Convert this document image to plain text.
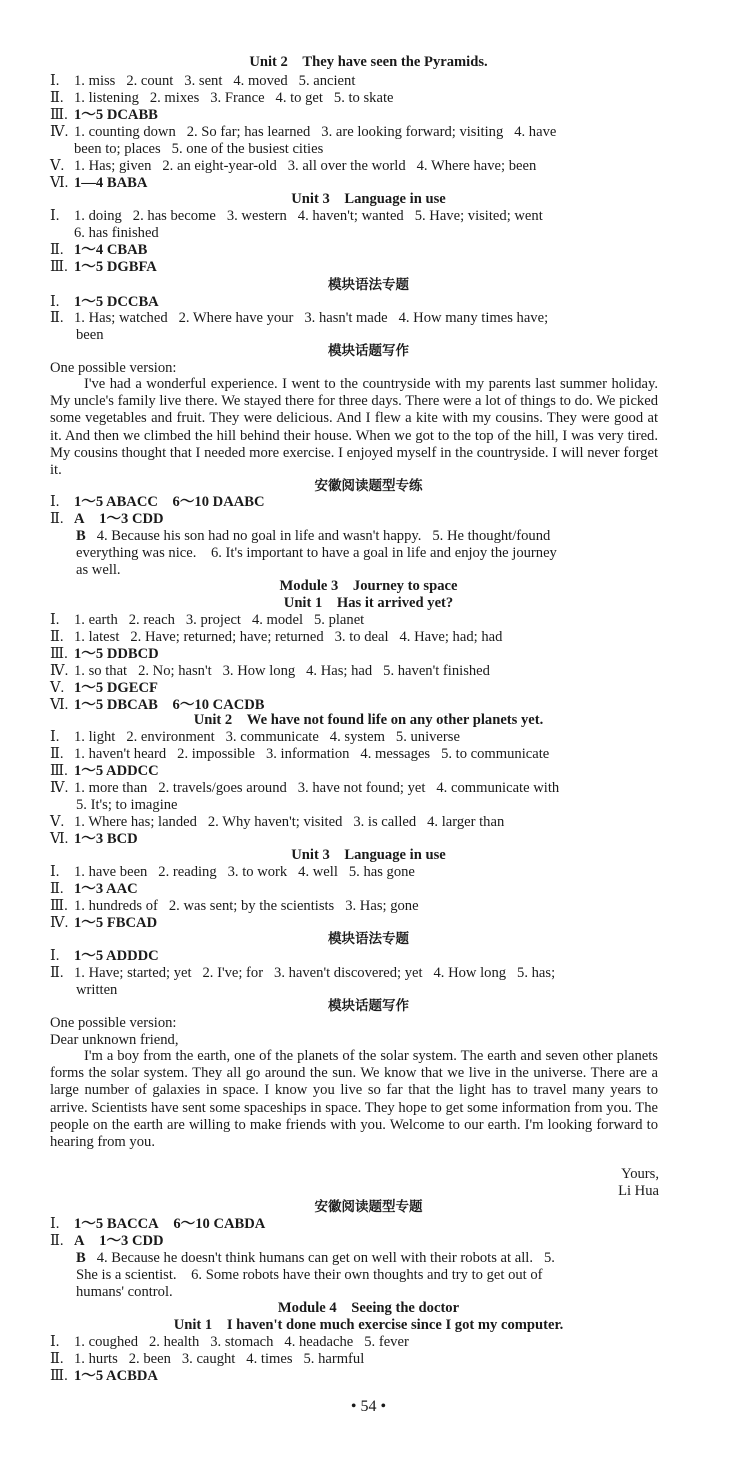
Unit 2　They have seen the Pyramids.
Ⅰ. 1. miss 2. count 3. sent 4. moved 5. ancient
Ⅱ. 1. listening 2. mixes 3. France 4. to get 5. to skate
Ⅲ. 1～5 DCABB
Ⅳ. 1. counting down 2. So far; has learned 3. are looking forward; visiting 4. have
been to; places 5. one of the busiest cities
Ⅴ. 1. Has; given 2. an eight-year-old 3. all over the world 4. Where have; been
Ⅵ. 1—4 BABA
Unit 3　Language in use
Ⅰ. 1. doing 2. has become 3. western 4. haven't; wanted 5. Have; visited; went
6. has finished
Ⅱ. 1～4 CBAB
Ⅲ. 1～5 DGBFA
模块语法专题
Ⅰ. 1～5 DCCBA
Ⅱ. 1. Has; watched 2. Where have your 3. hasn't made 4. How many times have;
been
模块话题写作
One possible version:

I've had a wonderful experience. I went to the countryside with my parents last summer holiday. My uncle's family live there. We stayed there for three days. There were a lot of things to do. We picked some vegetables and fruit. They were delicious. And I flew a kite with my cousins. They were good at it. And then we climbed the hill behind their house. When we got to the top of the hill, I was very tired. My cousins thought that I needed more exercise. I enjoyed myself in the countryside. I will never forget it.

安徽阅读题型专练
Ⅰ. 1～5 ABACC 6～10 DAABC
Ⅱ. A 1～3 CDD
B 4. Because his son had no goal in life and wasn't happy. 5. He thought/found
everything was nice. 6. It's important to have a goal in life and enjoy the journey
as well.
Module 3　Journey to space
Unit 1　Has it arrived yet?
Ⅰ. 1. earth 2. reach 3. project 4. model 5. planet
Ⅱ. 1. latest 2. Have; returned; have; returned 3. to deal 4. Have; had; had
Ⅲ. 1～5 DDBCD
Ⅳ. 1. so that 2. No; hasn't 3. How long 4. Has; had 5. haven't finished
Ⅴ. 1～5 DGECF
Ⅵ. 1～5 DBCAB 6～10 CACDB
Unit 2　We have not found life on any other planets yet.
Ⅰ. 1. light 2. environment 3. communicate 4. system 5. universe
Ⅱ. 1. haven't heard 2. impossible 3. information 4. messages 5. to communicate
Ⅲ. 1～5 ADDCC
Ⅳ. 1. more than 2. travels/goes around 3. have not found; yet 4. communicate with
5. It's; to imagine
Ⅴ. 1. Where has; landed 2. Why haven't; visited 3. is called 4. larger than
Ⅵ. 1～3 BCD
Unit 3　Language in use
Ⅰ. 1. have been 2. reading 3. to work 4. well 5. has gone
Ⅱ. 1～3 AAC
Ⅲ. 1. hundreds of 2. was sent; by the scientists 3. Has; gone
Ⅳ. 1～5 FBCAD
模块语法专题
Ⅰ. 1～5 ADDDC
Ⅱ. 1. Have; started; yet 2. I've; for 3. haven't discovered; yet 4. How long 5. has;
written
模块话题写作
One possible version:
Dear unknown friend,

I'm a boy from the earth, one of the planets of the solar system. The earth and seven other planets forms the solar system. They all go around the sun. We know that we live in the universe. There are a large number of galaxies in space. I know you live so far that the light has to travel many years to arrive. Scientists have sent some spaceships in space. They hope to get some information from you. The people on the earth are willing to make friends with you. Welcome to our earth. I'm looking forward to hearing from you.

Yours,
Li Hua
安徽阅读题型专题
Ⅰ. 1～5 BACCA 6～10 CABDA
Ⅱ. A 1～3 CDD
B 4. Because he doesn't think humans can get on well with their robots at all. 5.
She is a scientist. 6. Some robots have their own thoughts and try to get out of
humans' control.
Module 4　Seeing the doctor
Unit 1　I haven't done much exercise since I got my computer.
Ⅰ. 1. coughed 2. health 3. stomach 4. headache 5. fever
Ⅱ. 1. hurts 2. been 3. caught 4. times 5. harmful
Ⅲ. 1～5 ACBDA
• 54 •
